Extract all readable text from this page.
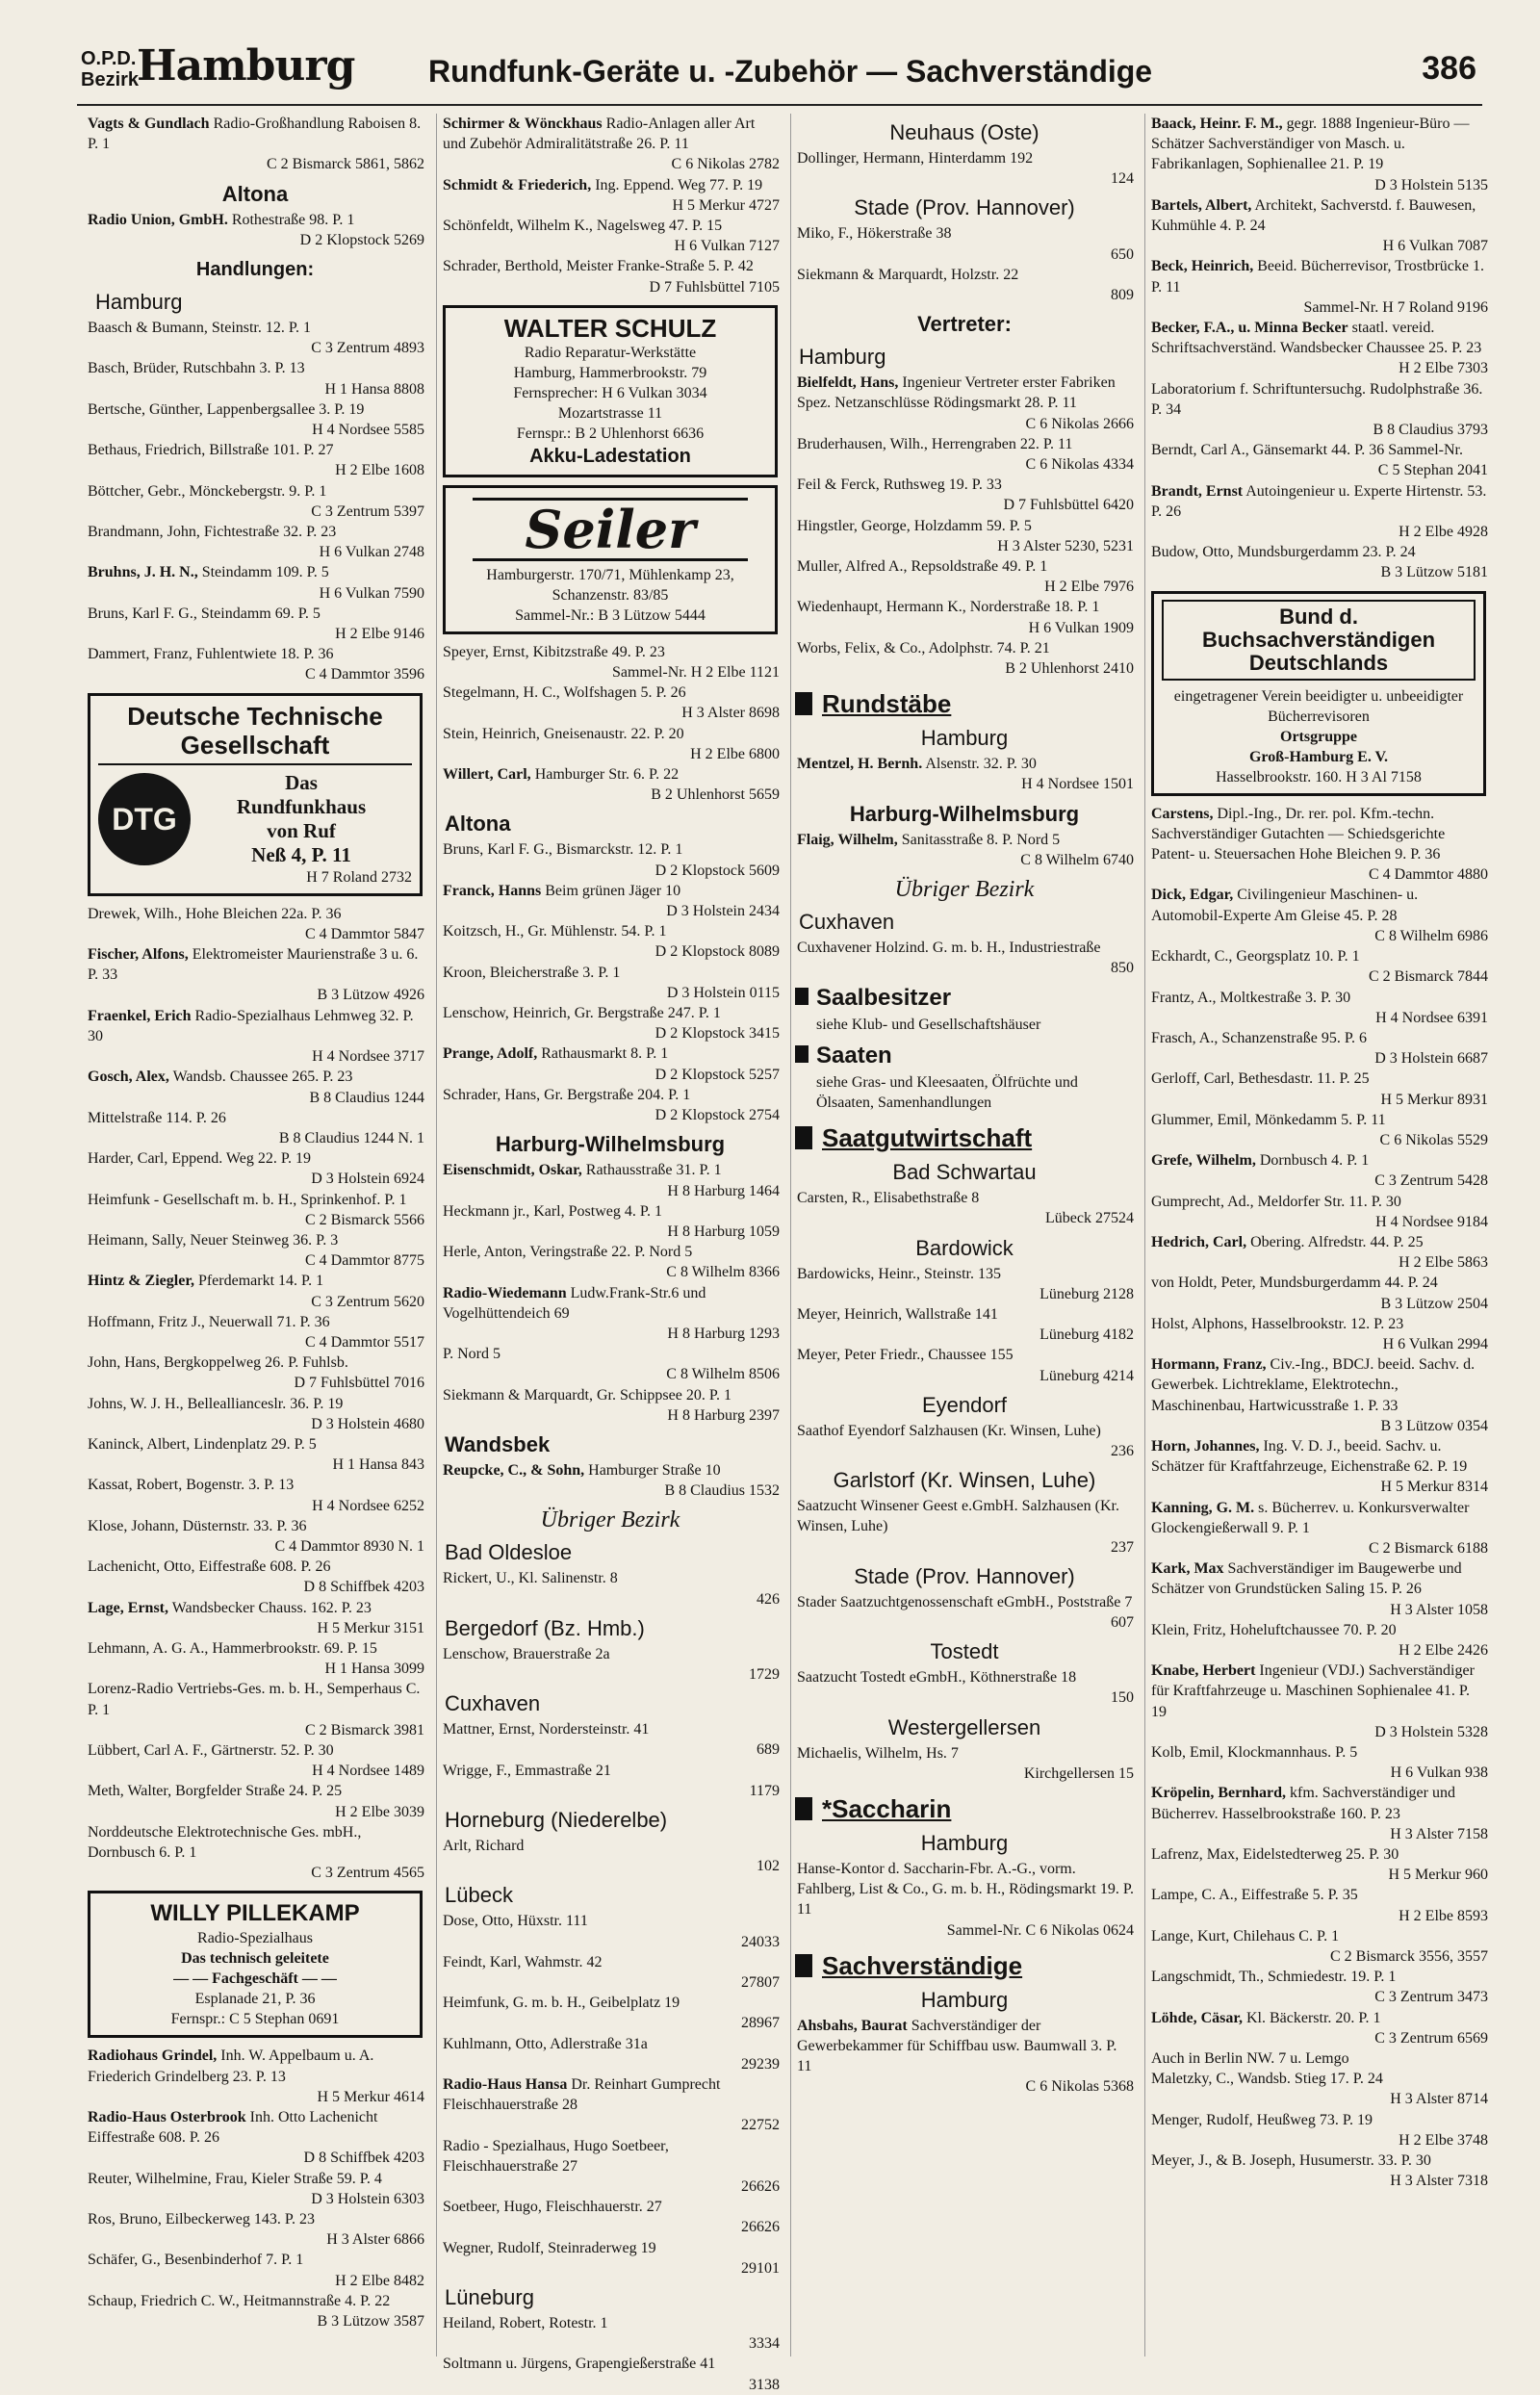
O.P.D.
Bezirk
Hamburg Rundfunk-Geräte u. -Zubehör — Sachverständige	386
Vagts & Gundlach Radio-Großhandlung Raboisen 8. P. 1
C 2 Bismarck 5861, 5862
Altona
Radio Union, GmbH. Rothestraße 98. P. 1
D 2 Klopstock 5269
Handlungen:
Hamburg
Baasch & Bumann, Steinstr. 12. P. 1
C 3 Zentrum 4893
Basch, Brüder, Rutschbahn 3. P. 13
H 1 Hansa 8808
Bertsche, Günther, Lappenbergsallee 3. P. 19
H 4 Nordsee 5585
Bethaus, Friedrich, Billstraße 101. P. 27
H 2 Elbe 1608
Böttcher, Gebr., Mönckebergstr. 9. P. 1
C 3 Zentrum 5397
Brandmann, John, Fichtestraße 32. P. 23
H 6 Vulkan 2748
Bruhns, J. H. N., Steindamm 109. P. 5
H 6 Vulkan 7590
Bruns, Karl F. G., Steindamm 69. P. 5
H 2 Elbe 9146
Dammert, Franz, Fuhlentwiete 18. P. 36
C 4 Dammtor 3596
Deutsche Technische Gesellschaft
DTG
Das
Rundfunkhaus
von Ruf
Neß 4, P. 11
H 7 Roland 2732
Drewek, Wilh., Hohe Bleichen 22a. P. 36
C 4 Dammtor 5847
Fischer, Alfons, Elektromeister Maurienstraße 3 u. 6. P. 33
B 3 Lützow 4926
Fraenkel, Erich Radio-Spezialhaus Lehmweg 32. P. 30
H 4 Nordsee 3717
Gosch, Alex, Wandsb. Chaussee 265. P. 23
B 8 Claudius 1244
Mittelstraße 114. P. 26
B 8 Claudius 1244 N. 1
Harder, Carl, Eppend. Weg 22. P. 19
D 3 Holstein 6924
Heimfunk - Gesellschaft m. b. H., Sprinkenhof. P. 1
C 2 Bismarck 5566
Heimann, Sally, Neuer Steinweg 36. P. 3
C 4 Dammtor 8775
Hintz & Ziegler, Pferdemarkt 14. P. 1
C 3 Zentrum 5620
Hoffmann, Fritz J., Neuerwall 71. P. 36
C 4 Dammtor 5517
John, Hans, Bergkoppelweg 26. P. Fuhlsb.
D 7 Fuhlsbüttel 7016
Johns, W. J. H., Belleallianceslr. 36. P. 19
D 3 Holstein 4680
Kaninck, Albert, Lindenplatz 29. P. 5
H 1 Hansa 843
Kassat, Robert, Bogenstr. 3. P. 13
H 4 Nordsee 6252
Klose, Johann, Düsternstr. 33. P. 36
C 4 Dammtor 8930 N. 1
Lachenicht, Otto, Eiffestraße 608. P. 26
D 8 Schiffbek 4203
Lage, Ernst, Wandsbecker Chauss. 162. P. 23
H 5 Merkur 3151
Lehmann, A. G. A., Hammerbrookstr. 69. P. 15
H 1 Hansa 3099
Lorenz-Radio Vertriebs-Ges. m. b. H., Semperhaus C. P. 1
C 2 Bismarck 3981
Lübbert, Carl A. F., Gärtnerstr. 52. P. 30
H 4 Nordsee 1489
Meth, Walter, Borgfelder Straße 24. P. 25
H 2 Elbe 3039
Norddeutsche Elektrotechnische Ges. mbH., Dornbusch 6. P. 1
C 3 Zentrum 4565
WILLY PILLEKAMP
Radio-Spezialhaus
Das technisch geleitete
— — Fachgeschäft — —
Esplanade 21, P. 36
Fernspr.: C 5 Stephan 0691
Radiohaus Grindel, Inh. W. Appelbaum u. A. Friederich Grindelberg 23. P. 13
H 5 Merkur 4614
Radio-Haus Osterbrook Inh. Otto Lachenicht Eiffestraße 608. P. 26
D 8 Schiffbek 4203
Reuter, Wilhelmine, Frau, Kieler Straße 59. P. 4
D 3 Holstein 6303
Ros, Bruno, Eilbeckerweg 143. P. 23
H 3 Alster 6866
Schäfer, G., Besenbinderhof 7. P. 1
H 2 Elbe 8482
Schaup, Friedrich C. W., Heitmannstraße 4. P. 22
B 3 Lützow 3587
Schirmer & Wönckhaus Radio-Anlagen aller Art und Zubehör Admiralitätstraße 26. P. 11
C 6 Nikolas 2782
Schmidt & Friederich, Ing. Eppend. Weg 77. P. 19
H 5 Merkur 4727
Schönfeldt, Wilhelm K., Nagelsweg 47. P. 15
H 6 Vulkan 7127
Schrader, Berthold, Meister Franke-Straße 5. P. 42
D 7 Fuhlsbüttel 7105
WALTER SCHULZ
Radio Reparatur-Werkstätte
Hamburg, Hammerbrookstr. 79
Fernsprecher: H 6 Vulkan 3034
Mozartstrasse 11
Fernspr.: B 2 Uhlenhorst 6636
Akku-Ladestation
Seiler
Hamburgerstr. 170/71, Mühlenkamp 23, Schanzenstr. 83/85
Sammel-Nr.: B 3 Lützow 5444
Speyer, Ernst, Kibitzstraße 49. P. 23
Sammel-Nr. H 2 Elbe 1121
Stegelmann, H. C., Wolfshagen 5. P. 26
H 3 Alster 8698
Stein, Heinrich, Gneisenaustr. 22. P. 20
H 2 Elbe 6800
Willert, Carl, Hamburger Str. 6. P. 22
B 2 Uhlenhorst 5659
Altona
Bruns, Karl F. G., Bismarckstr. 12. P. 1
D 2 Klopstock 5609
Franck, Hanns Beim grünen Jäger 10
D 3 Holstein 2434
Koitzsch, H., Gr. Mühlenstr. 54. P. 1
D 2 Klopstock 8089
Kroon, Bleicherstraße 3. P. 1
D 3 Holstein 0115
Lenschow, Heinrich, Gr. Bergstraße 247. P. 1
D 2 Klopstock 3415
Prange, Adolf, Rathausmarkt 8. P. 1
D 2 Klopstock 5257
Schrader, Hans, Gr. Bergstraße 204. P. 1
D 2 Klopstock 2754
Harburg-Wilhelmsburg
Eisenschmidt, Oskar, Rathausstraße 31. P. 1
H 8 Harburg 1464
Heckmann jr., Karl, Postweg 4. P. 1
H 8 Harburg 1059
Herle, Anton, Veringstraße 22. P. Nord 5
C 8 Wilhelm 8366
Radio-Wiedemann Ludw.Frank-Str.6 und Vogelhüttendeich 69
H 8 Harburg 1293
P. Nord 5
C 8 Wilhelm 8506
Siekmann & Marquardt, Gr. Schippsee 20. P. 1
H 8 Harburg 2397
Wandsbek
Reupcke, C., & Sohn, Hamburger Straße 10
B 8 Claudius 1532
Übriger Bezirk
Bad Oldesloe
Rickert, U., Kl. Salinenstr. 8
426
Bergedorf (Bz. Hmb.)
Lenschow, Brauerstraße 2a
1729
Cuxhaven
Mattner, Ernst, Nordersteinstr. 41
689
Wrigge, F., Emmastraße 21
1179
Horneburg (Niederelbe)
Arlt, Richard
102
Lübeck
Dose, Otto, Hüxstr. 111
24033
Feindt, Karl, Wahmstr. 42
27807
Heimfunk, G. m. b. H., Geibelplatz 19
28967
Kuhlmann, Otto, Adlerstraße 31a
29239
Radio-Haus Hansa Dr. Reinhart Gumprecht Fleischhauerstraße 28
22752
Radio - Spezialhaus, Hugo Soetbeer, Fleischhauerstraße 27
26626
Soetbeer, Hugo, Fleischhauerstr. 27
26626
Wegner, Rudolf, Steinraderweg 19
29101
Lüneburg
Heiland, Robert, Rotestr. 1
3334
Soltmann u. Jürgens, Grapengießerstraße 41
3138
Neuhaus (Oste)
Dollinger, Hermann, Hinterdamm 192
124
Stade (Prov. Hannover)
Miko, F., Hökerstraße 38
650
Siekmann & Marquardt, Holzstr. 22
809
Vertreter:
Hamburg
Bielfeldt, Hans, Ingenieur Vertreter erster Fabriken Spez. Netzanschlüsse Rödingsmarkt 28. P. 11
C 6 Nikolas 2666
Bruderhausen, Wilh., Herrengraben 22. P. 11
C 6 Nikolas 4334
Feil & Ferck, Ruthsweg 19. P. 33
D 7 Fuhlsbüttel 6420
Hingstler, George, Holzdamm 59. P. 5
H 3 Alster 5230, 5231
Muller, Alfred A., Repsoldstraße 49. P. 1
H 2 Elbe 7976
Wiedenhaupt, Hermann K., Norderstraße 18. P. 1
H 6 Vulkan 1909
Worbs, Felix, & Co., Adolphstr. 74. P. 21
B 2 Uhlenhorst 2410
Rundstäbe
Hamburg
Mentzel, H. Bernh. Alsenstr. 32. P. 30
H 4 Nordsee 1501
Harburg-Wilhelmsburg
Flaig, Wilhelm, Sanitasstraße 8. P. Nord 5
C 8 Wilhelm 6740
Übriger Bezirk
Cuxhaven
Cuxhavener Holzind. G. m. b. H., Industriestraße
850
Saalbesitzer
siehe Klub- und Gesellschaftshäuser
Saaten
siehe Gras- und Kleesaaten, Ölfrüchte und Ölsaaten, Samenhandlungen
Saatgutwirtschaft
Bad Schwartau
Carsten, R., Elisabethstraße 8
Lübeck 27524
Bardowick
Bardowicks, Heinr., Steinstr. 135
Lüneburg 2128
Meyer, Heinrich, Wallstraße 141
Lüneburg 4182
Meyer, Peter Friedr., Chaussee 155
Lüneburg 4214
Eyendorf
Saathof Eyendorf Salzhausen (Kr. Winsen, Luhe)
236
Garlstorf (Kr. Winsen, Luhe)
Saatzucht Winsener Geest e.GmbH. Salzhausen (Kr. Winsen, Luhe)
237
Stade (Prov. Hannover)
Stader Saatzuchtgenossenschaft eGmbH., Poststraße 7
607
Tostedt
Saatzucht Tostedt eGmbH., Köthnerstraße 18
150
Westergellersen
Michaelis, Wilhelm, Hs. 7
Kirchgellersen 15
*Saccharin
Hamburg
Hanse-Kontor d. Saccharin-Fbr. A.-G., vorm. Fahlberg, List & Co., G. m. b. H., Rödingsmarkt 19. P. 11
Sammel-Nr. C 6 Nikolas 0624
Sachverständige
Hamburg
Ahsbahs, Baurat Sachverständiger der Gewerbekammer für Schiffbau usw. Baumwall 3. P. 11
C 6 Nikolas 5368
Baack, Heinr. F. M., gegr. 1888 Ingenieur-Büro — Schätzer Sachverständiger von Masch. u. Fabrikanlagen, Sophienallee 21. P. 19
D 3 Holstein 5135
Bartels, Albert, Architekt, Sachverstd. f. Bauwesen, Kuhmühle 4. P. 24
H 6 Vulkan 7087
Beck, Heinrich, Beeid. Bücherrevisor, Trostbrücke 1. P. 11
Sammel-Nr. H 7 Roland 9196
Becker, F.A., u. Minna Becker staatl. vereid. Schriftsachverständ. Wandsbecker Chaussee 25. P. 23
H 2 Elbe 7303
Laboratorium f. Schriftuntersuchg. Rudolphstraße 36. P. 34
B 8 Claudius 3793
Berndt, Carl A., Gänsemarkt 44. P. 36 Sammel-Nr.
C 5 Stephan 2041
Brandt, Ernst Autoingenieur u. Experte Hirtenstr. 53. P. 26
H 2 Elbe 4928
Budow, Otto, Mundsburgerdamm 23. P. 24
B 3 Lützow 5181
Bund d. Buchsachverständigen Deutschlands
eingetragener Verein beeidigter u. unbeeidigter Bücherrevisoren
Ortsgruppe
Groß-Hamburg E. V.
Hasselbrookstr. 160. H 3 Al 7158
Carstens, Dipl.-Ing., Dr. rer. pol. Kfm.-techn. Sachverständiger Gutachten — Schiedsgerichte Patent- u. Steuersachen Hohe Bleichen 9. P. 36
C 4 Dammtor 4880
Dick, Edgar, Civilingenieur Maschinen- u. Automobil-Experte Am Gleise 45. P. 28
C 8 Wilhelm 6986
Eckhardt, C., Georgsplatz 10. P. 1
C 2 Bismarck 7844
Frantz, A., Moltkestraße 3. P. 30
H 4 Nordsee 6391
Frasch, A., Schanzenstraße 95. P. 6
D 3 Holstein 6687
Gerloff, Carl, Bethesdastr. 11. P. 25
H 5 Merkur 8931
Glummer, Emil, Mönkedamm 5. P. 11
C 6 Nikolas 5529
Grefe, Wilhelm, Dornbusch 4. P. 1
C 3 Zentrum 5428
Gumprecht, Ad., Meldorfer Str. 11. P. 30
H 4 Nordsee 9184
Hedrich, Carl, Obering. Alfredstr. 44. P. 25
H 2 Elbe 5863
von Holdt, Peter, Mundsburgerdamm 44. P. 24
B 3 Lützow 2504
Holst, Alphons, Hasselbrookstr. 12. P. 23
H 6 Vulkan 2994
Hormann, Franz, Civ.-Ing., BDCJ. beeid. Sachv. d. Gewerbek. Lichtreklame, Elektrotechn., Maschinenbau, Hartwicusstraße 1. P. 33
B 3 Lützow 0354
Horn, Johannes, Ing. V. D. J., beeid. Sachv. u. Schätzer für Kraftfahrzeuge, Eichenstraße 62. P. 19
H 5 Merkur 8314
Kanning, G. M. s. Bücherrev. u. Konkursverwalter Glockengießerwall 9. P. 1
C 2 Bismarck 6188
Kark, Max Sachverständiger im Baugewerbe und Schätzer von Grundstücken Saling 15. P. 26
H 3 Alster 1058
Klein, Fritz, Hoheluftchaussee 70. P. 20
H 2 Elbe 2426
Knabe, Herbert Ingenieur (VDJ.) Sachverständiger für Kraftfahrzeuge u. Maschinen Sophienalee 41. P. 19
D 3 Holstein 5328
Kolb, Emil, Klockmannhaus. P. 5
H 6 Vulkan 938
Kröpelin, Bernhard, kfm. Sachverständiger und Bücherrev. Hasselbrookstraße 160. P. 23
H 3 Alster 7158
Lafrenz, Max, Eidelstedterweg 25. P. 30
H 5 Merkur 960
Lampe, C. A., Eiffestraße 5. P. 35
H 2 Elbe 8593
Lange, Kurt, Chilehaus C. P. 1
C 2 Bismarck 3556, 3557
Langschmidt, Th., Schmiedestr. 19. P. 1
C 3 Zentrum 3473
Löhde, Cäsar, Kl. Bäckerstr. 20. P. 1
C 3 Zentrum 6569
Auch in Berlin NW. 7 u. Lemgo
Maletzky, C., Wandsb. Stieg 17. P. 24
H 3 Alster 8714
Menger, Rudolf, Heußweg 73. P. 19
H 2 Elbe 3748
Meyer, J., & B. Joseph, Husumerstr. 33. P. 30
H 3 Alster 7318
